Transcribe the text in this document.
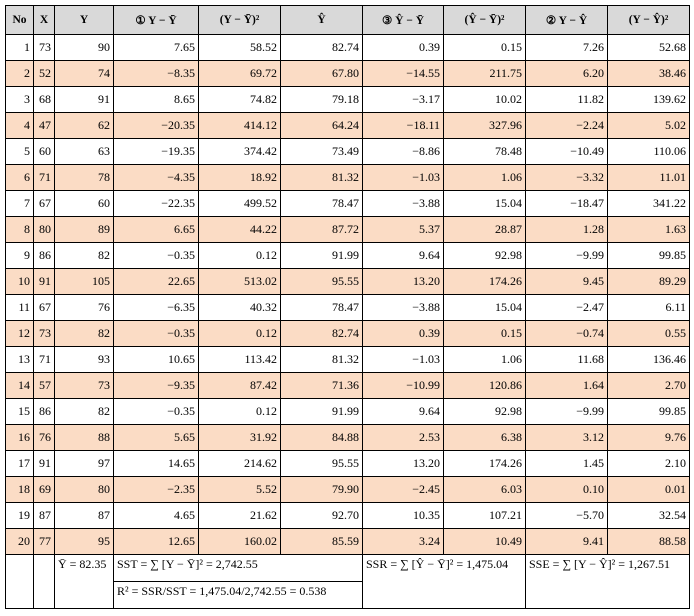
No	X	Y	① Y − Ȳ	(Y − Ȳ)²	Ŷ	③ Ŷ − Ȳ	(Ŷ − Ȳ)²	② Y − Ŷ	(Y − Ŷ)²
1	73	90	7.65	58.52	82.74	0.39	0.15	7.26	52.68
2	52	74	−8.35	69.72	67.80	−14.55	211.75	6.20	38.46
3	68	91	8.65	74.82	79.18	−3.17	10.02	11.82	139.62
4	47	62	−20.35	414.12	64.24	−18.11	327.96	−2.24	5.02
5	60	63	−19.35	374.42	73.49	−8.86	78.48	−10.49	110.06
6	71	78	−4.35	18.92	81.32	−1.03	1.06	−3.32	11.01
7	67	60	−22.35	499.52	78.47	−3.88	15.04	−18.47	341.22
8	80	89	6.65	44.22	87.72	5.37	28.87	1.28	1.63
9	86	82	−0.35	0.12	91.99	9.64	92.98	−9.99	99.85
10	91	105	22.65	513.02	95.55	13.20	174.26	9.45	89.29
11	67	76	−6.35	40.32	78.47	−3.88	15.04	−2.47	6.11
12	73	82	−0.35	0.12	82.74	0.39	0.15	−0.74	0.55
13	71	93	10.65	113.42	81.32	−1.03	1.06	11.68	136.46
14	57	73	−9.35	87.42	71.36	−10.99	120.86	1.64	2.70
15	86	82	−0.35	0.12	91.99	9.64	92.98	−9.99	99.85
16	76	88	5.65	31.92	84.88	2.53	6.38	3.12	9.76
17	91	97	14.65	214.62	95.55	13.20	174.26	1.45	2.10
18	69	80	−2.35	5.52	79.90	−2.45	6.03	0.10	0.01
19	87	87	4.65	21.62	92.70	10.35	107.21	−5.70	32.54
20	77	95	12.65	160.02	85.59	3.24	10.49	9.41	88.58
		Ȳ = 82.35	SST = ∑ [Y − Ȳ]² = 2,742.55			SSR = ∑ [Ŷ − Ȳ]² = 1,475.04		SSE = ∑ [Y − Ŷ]² = 1,267.51	
			R² = SSR/SST = 1,475.04/2,742.55 = 0.538						
